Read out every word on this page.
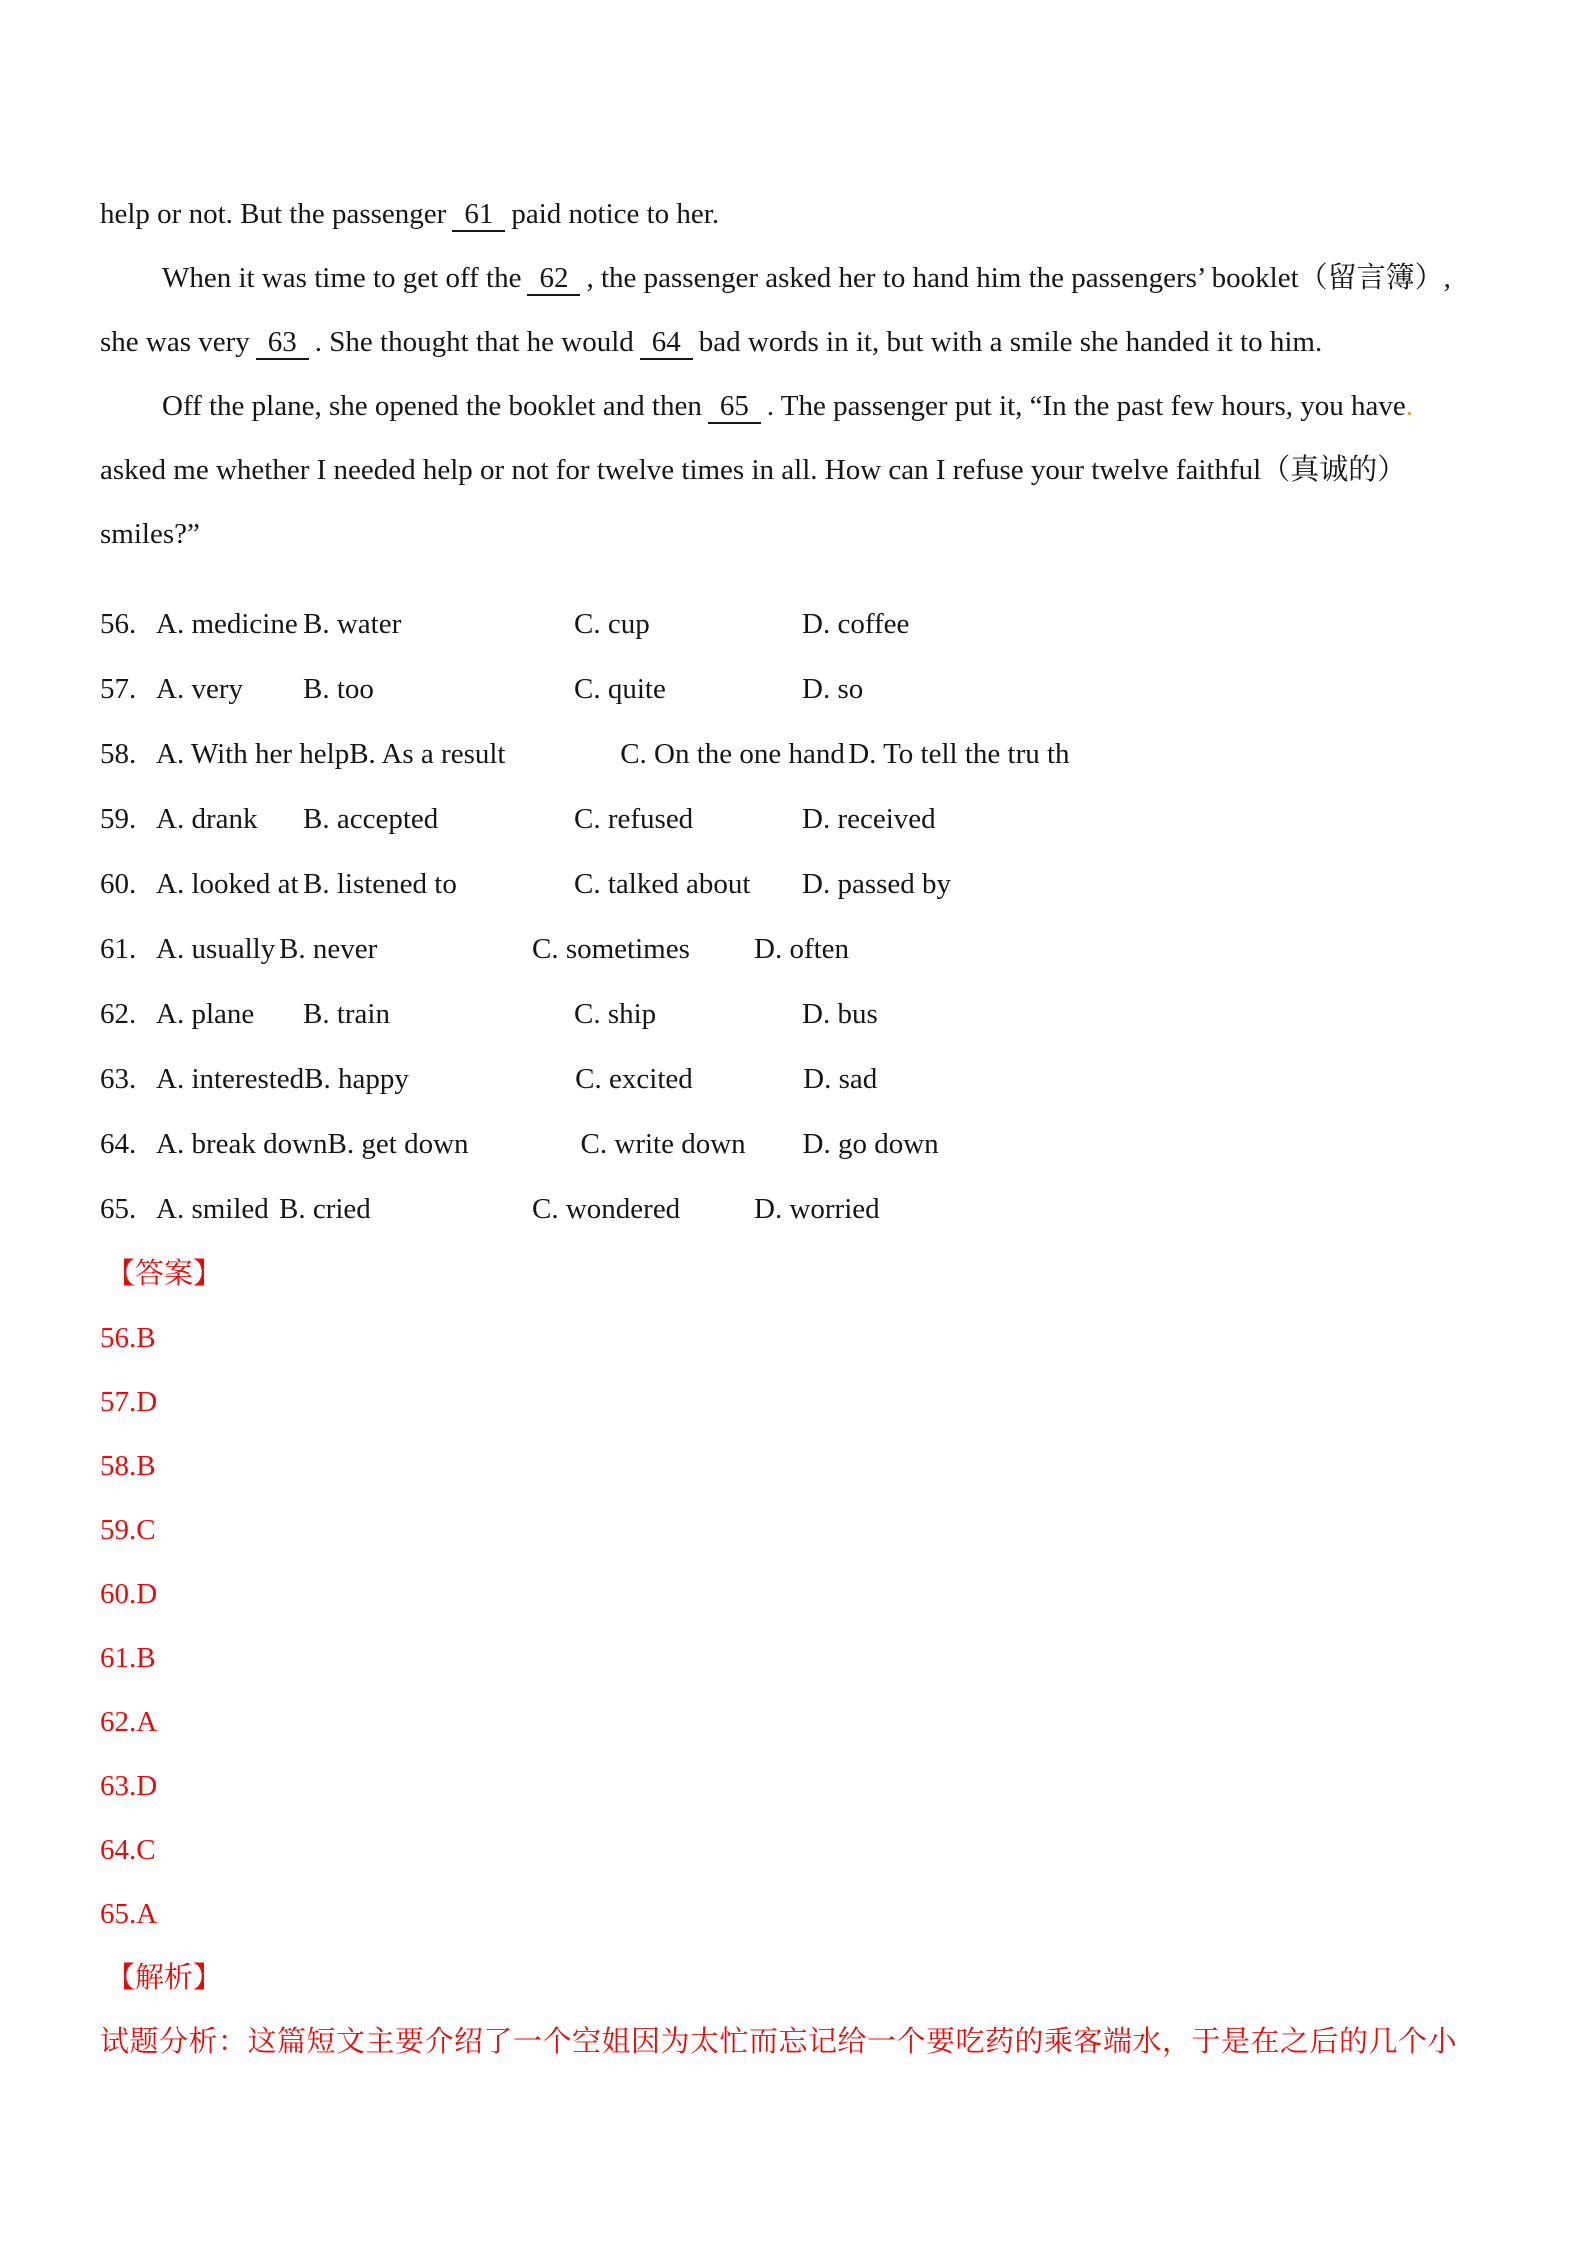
help or not. But the passenger 61 paid notice to her.
When it was time to get off the 62 , the passenger asked her to hand him the passengers’ booklet（留言簿）,
she was very 63 . She thought that he would 64 bad words in it, but with a smile she handed it to him.
Off the plane, she opened the booklet and then 65 . The passenger put it, “In the past few hours, you have.
asked me whether I needed help or not for twelve times in all. How can I refuse your twelve faithful（真诚的）
smiles?”
56. A. medicine B. water	C. cup	D. coffee
57. A. very	B. too	C. quite	D. so
58. A. With her help B. As a result	C. On the one hand D. To tell the tru th
59. A. drank	B. accepted	C. refused	D. received
60. A. looked at B. listened to	C. talked about	D. passed by
61. A. usually B. never	C. sometimes	D. often
62. A. plane	B. train	C. ship	D. bus
63. A. interested B. happy	C. excited	D. sad
64. A. break down B. get down	C. write down	D. go down
65. A. smiled B. cried	C. wondered	D. worried
【答案】
56.B
57.D
58.B
59.C
60.D
61.B
62.A
63.D
64.C
65.A
【解析】
试题分析：这篇短文主要介绍了一个空姐因为太忙而忘记给一个要吃药的乘客端水，于是在之后的几个小
